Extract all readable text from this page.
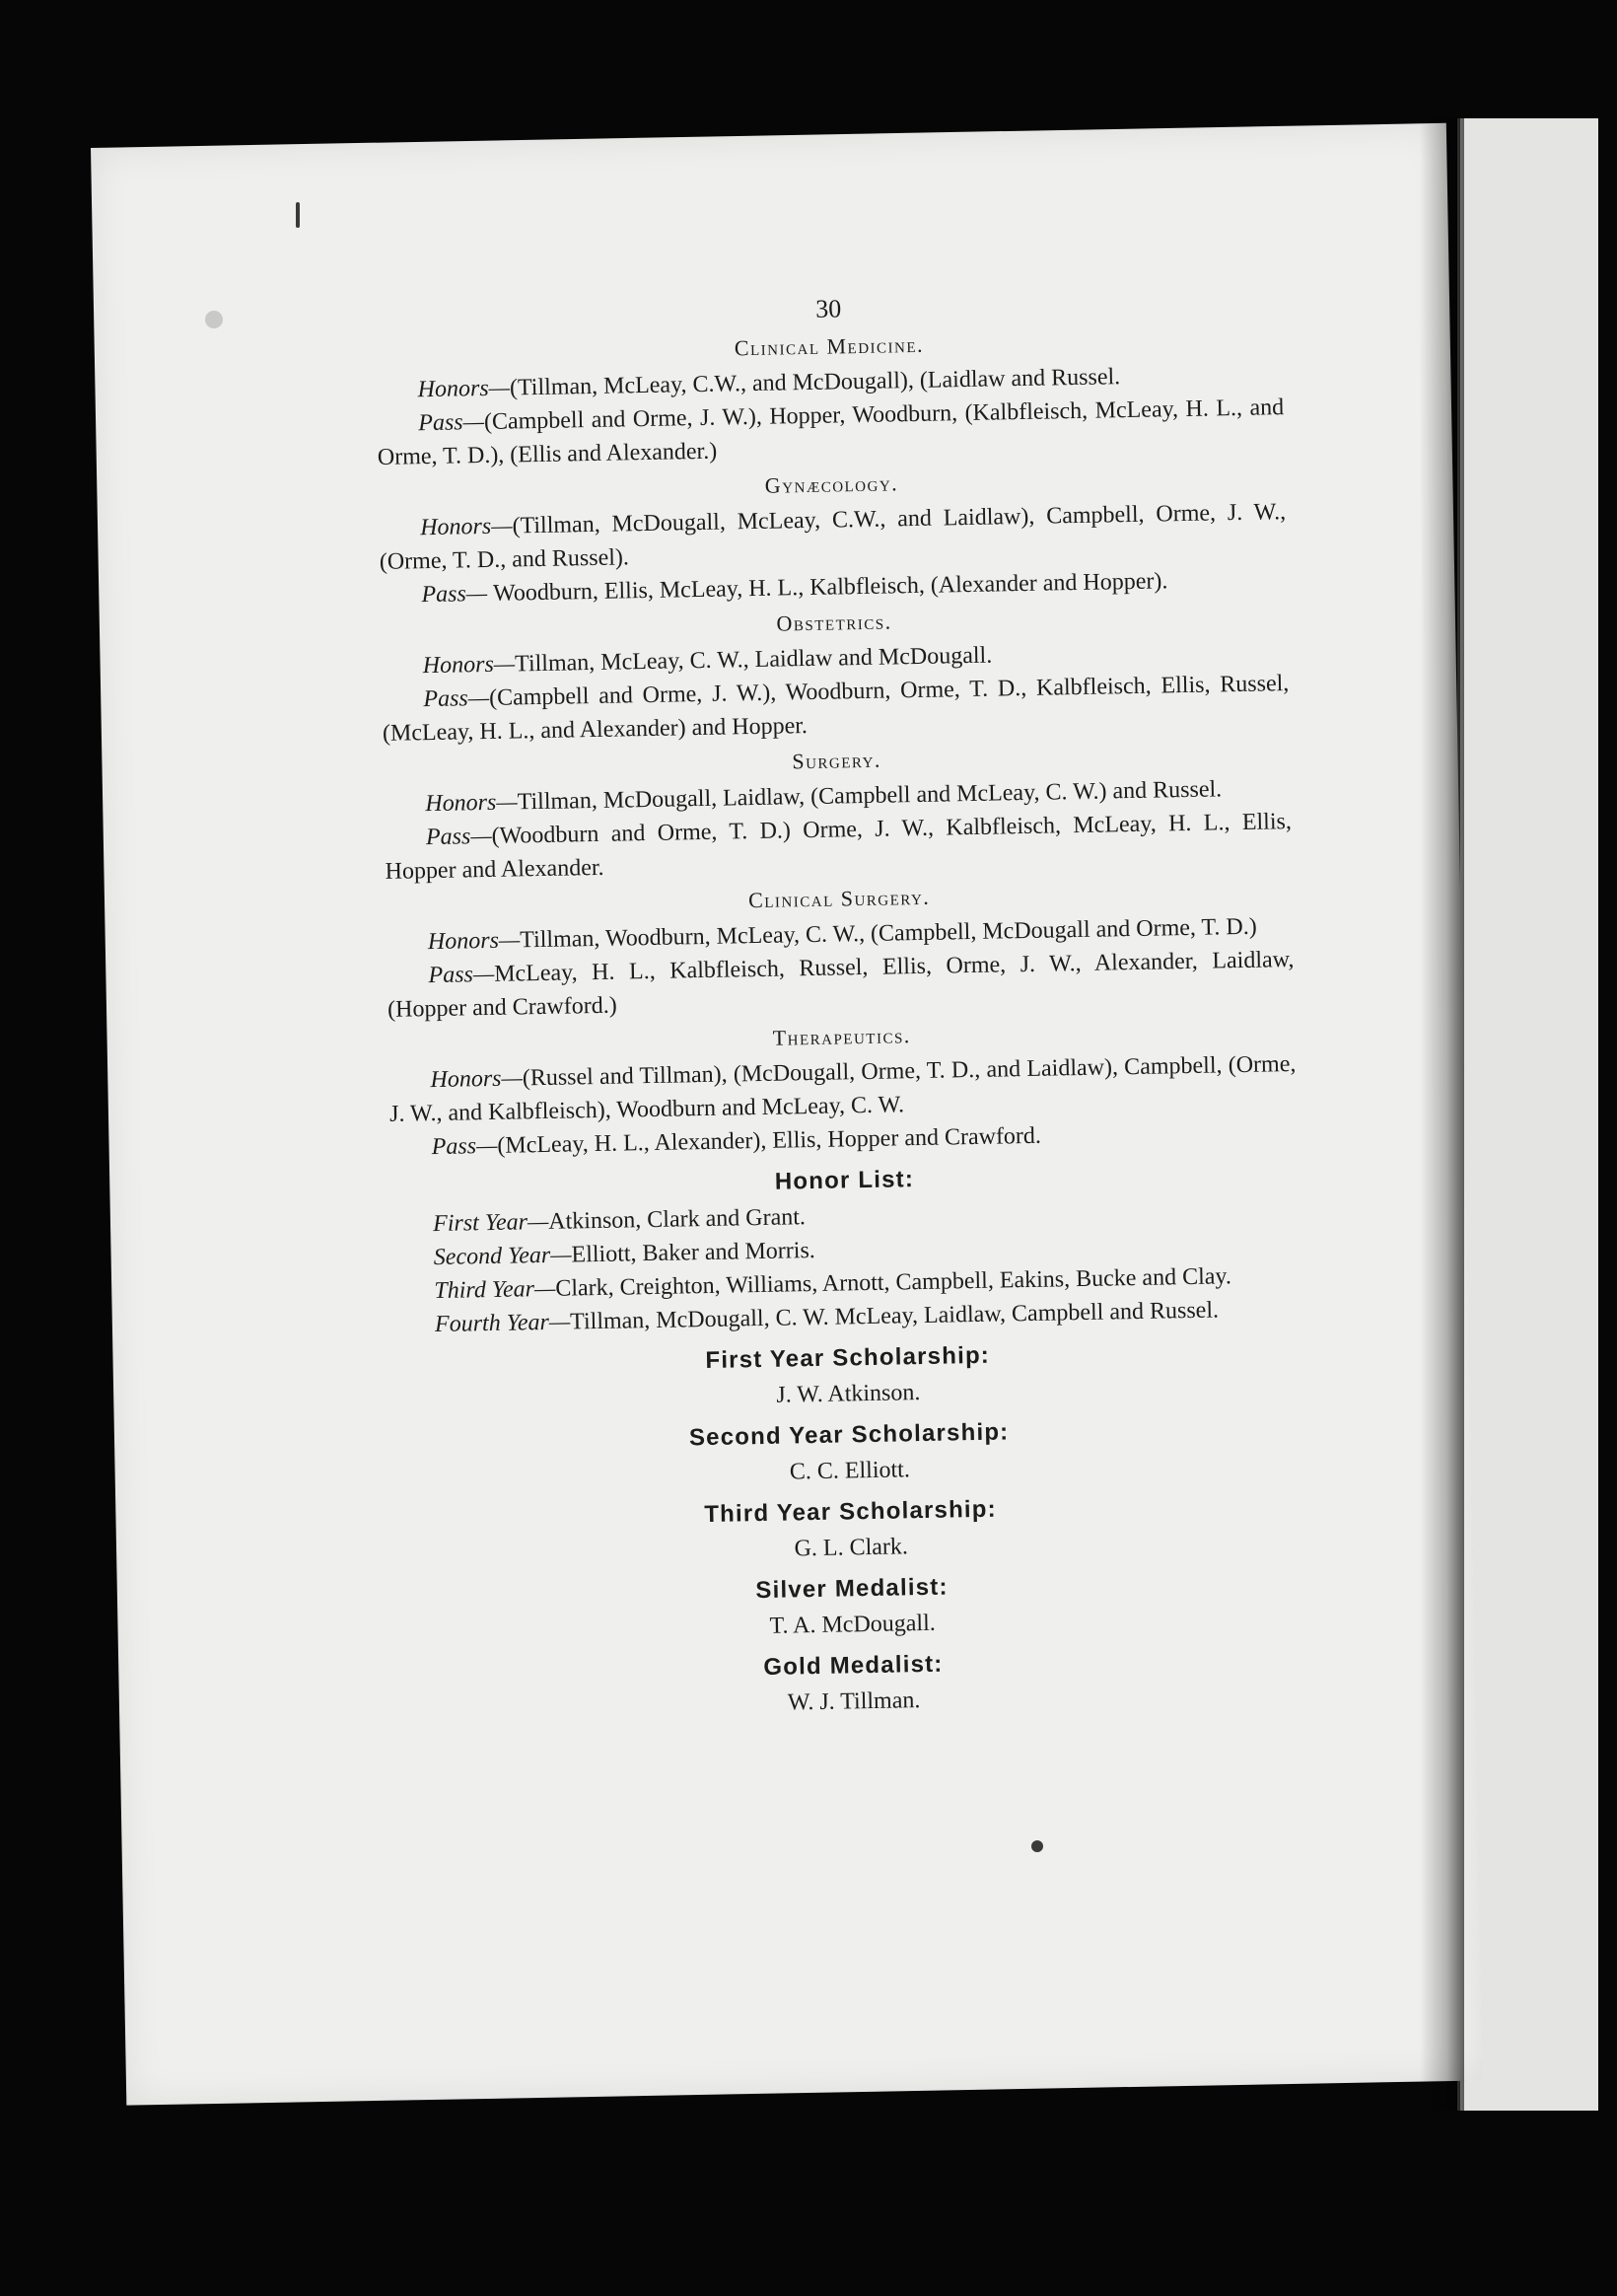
30
Clinical Medicine.

Honors—(Tillman, McLeay, C.W., and McDougall), (Laidlaw and Russel.

Pass—(Campbell and Orme, J. W.), Hopper, Woodburn, (Kalbfleisch, McLeay, H. L., and Orme, T. D.), (Ellis and Alexander.)

Gynæcology.

Honors—(Tillman, McDougall, McLeay, C.W., and Laidlaw), Campbell, Orme, J. W., (Orme, T. D., and Russel).

Pass— Woodburn, Ellis, McLeay, H. L., Kalbfleisch, (Alexander and Hopper).

Obstetrics.

Honors—Tillman, McLeay, C. W., Laidlaw and McDougall.

Pass—(Campbell and Orme, J. W.), Woodburn, Orme, T. D., Kalbfleisch, Ellis, Russel, (McLeay, H. L., and Alexander) and Hopper.

Surgery.

Honors—Tillman, McDougall, Laidlaw, (Campbell and McLeay, C. W.) and Russel.

Pass—(Woodburn and Orme, T. D.) Orme, J. W., Kalbfleisch, McLeay, H. L., Ellis, Hopper and Alexander.

Clinical Surgery.

Honors—Tillman, Woodburn, McLeay, C. W., (Campbell, McDougall and Orme, T. D.)

Pass—McLeay, H. L., Kalbfleisch, Russel, Ellis, Orme, J. W., Alexander, Laidlaw, (Hopper and Crawford.)

Therapeutics.

Honors—(Russel and Tillman), (McDougall, Orme, T. D., and Laidlaw), Campbell, (Orme, J. W., and Kalbfleisch), Woodburn and McLeay, C. W.

Pass—(McLeay, H. L., Alexander), Ellis, Hopper and Crawford.

Honor List:

First Year—Atkinson, Clark and Grant.

Second Year—Elliott, Baker and Morris.

Third Year—Clark, Creighton, Williams, Arnott, Campbell, Eakins, Bucke and Clay.

Fourth Year—Tillman, McDougall, C. W. McLeay, Laidlaw, Campbell and Russel.

First Year Scholarship:
J. W. Atkinson.
Second Year Scholarship:
C. C. Elliott.
Third Year Scholarship:
G. L. Clark.
Silver Medalist:
T. A. McDougall.
Gold Medalist:
W. J. Tillman.
